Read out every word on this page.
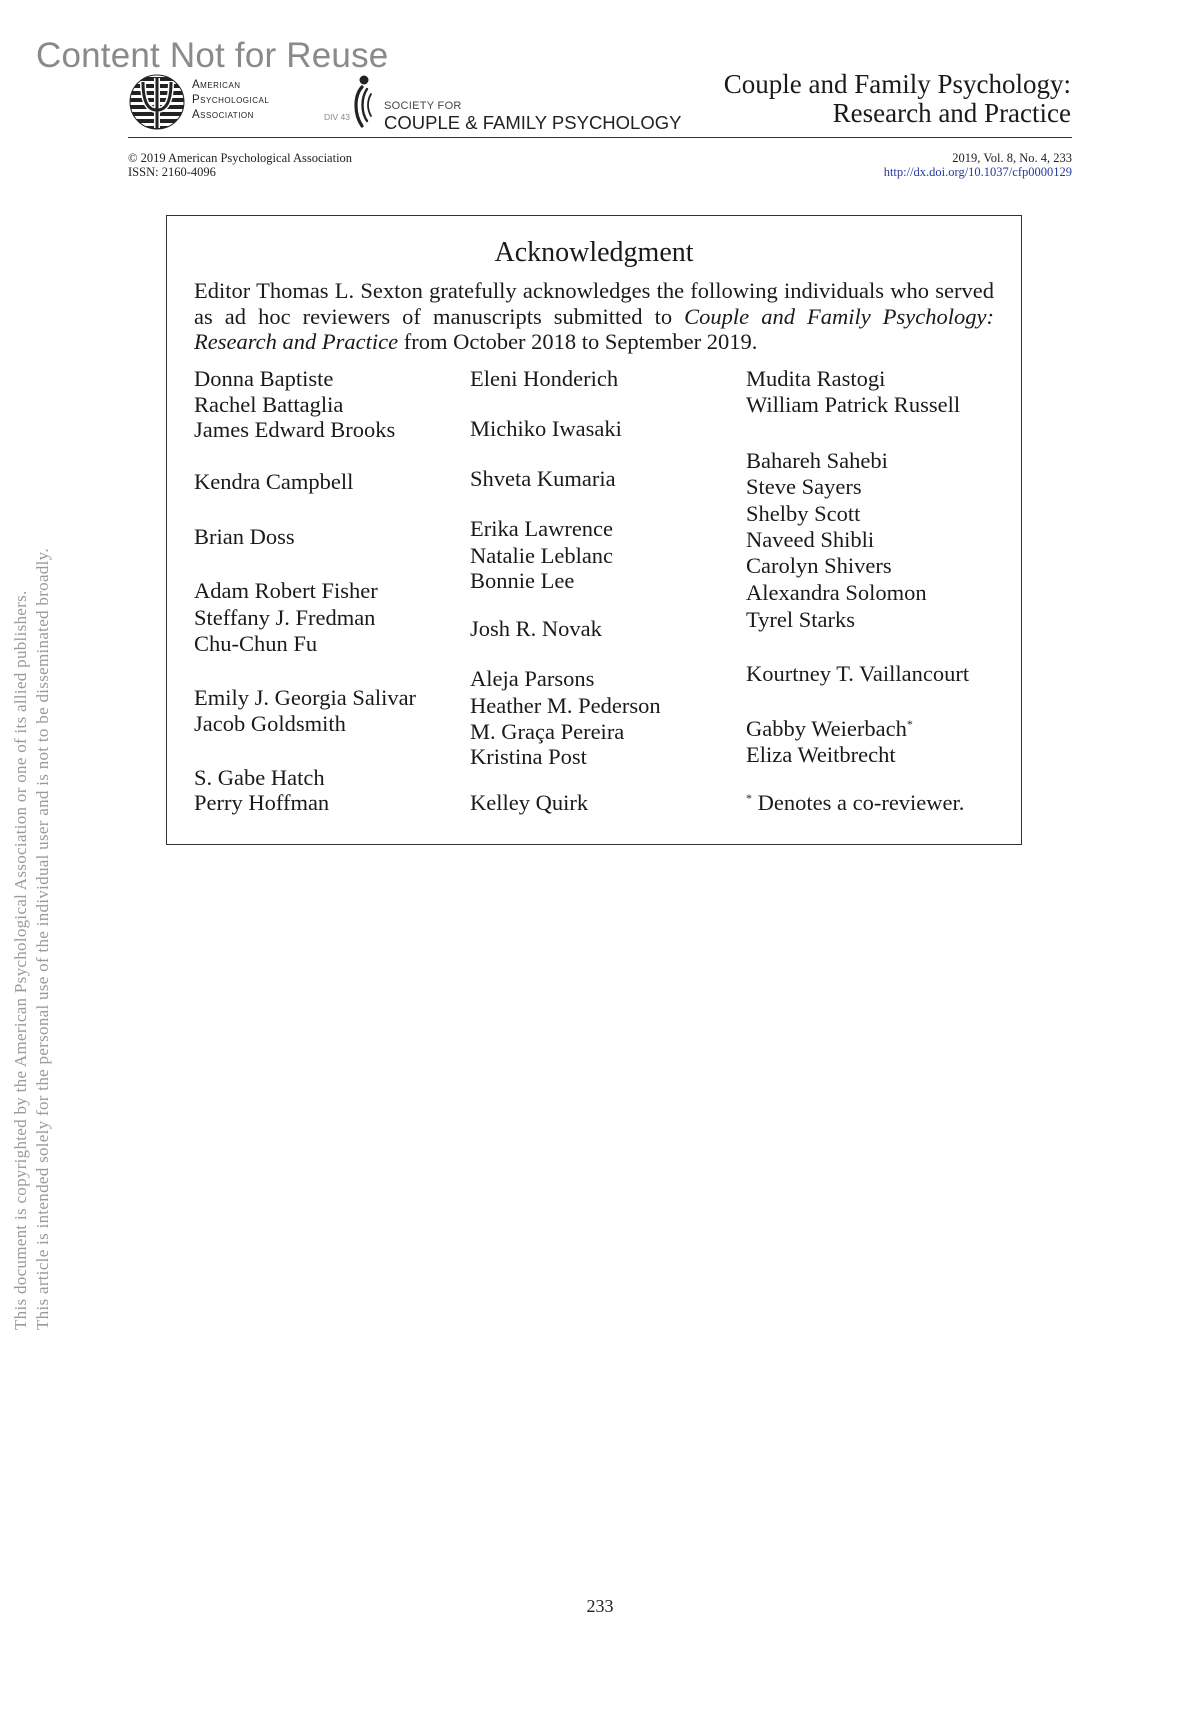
Content Not for Reuse
American
Psychological
Association	DIV 43
SOCIETY FOR
COUPLE & FAMILY PSYCHOLOGY
Couple and Family Psychology:
Research and Practice
© 2019 American Psychological Association
ISSN: 2160-4096
2019, Vol. 8, No. 4, 233
http://dx.doi.org/10.1037/cfp0000129
Acknowledgment
Editor Thomas L. Sexton gratefully acknowledges the following individuals who served as ad hoc reviewers of manuscripts submitted to Couple and Family Psychology: Research and Practice from October 2018 to September 2019.
Donna Baptiste
Rachel Battaglia
James Edward Brooks
Kendra Campbell
Brian Doss
Adam Robert Fisher
Steffany J. Fredman
Chu-Chun Fu
Emily J. Georgia Salivar
Jacob Goldsmith
S. Gabe Hatch
Perry Hoffman
Eleni Honderich
Michiko Iwasaki
Shveta Kumaria
Erika Lawrence
Natalie Leblanc
Bonnie Lee
Josh R. Novak
Aleja Parsons
Heather M. Pederson
M. Graça Pereira
Kristina Post
Kelley Quirk
Mudita Rastogi
William Patrick Russell
Bahareh Sahebi
Steve Sayers
Shelby Scott
Naveed Shibli
Carolyn Shivers
Alexandra Solomon
Tyrel Starks
Kourtney T. Vaillancourt
Gabby Weierbach*
Eliza Weitbrecht
* Denotes a co-reviewer.
This document is copyrighted by the American Psychological Association or one of its allied publishers. This article is intended solely for the personal use of the individual user and is not to be disseminated broadly.
233
